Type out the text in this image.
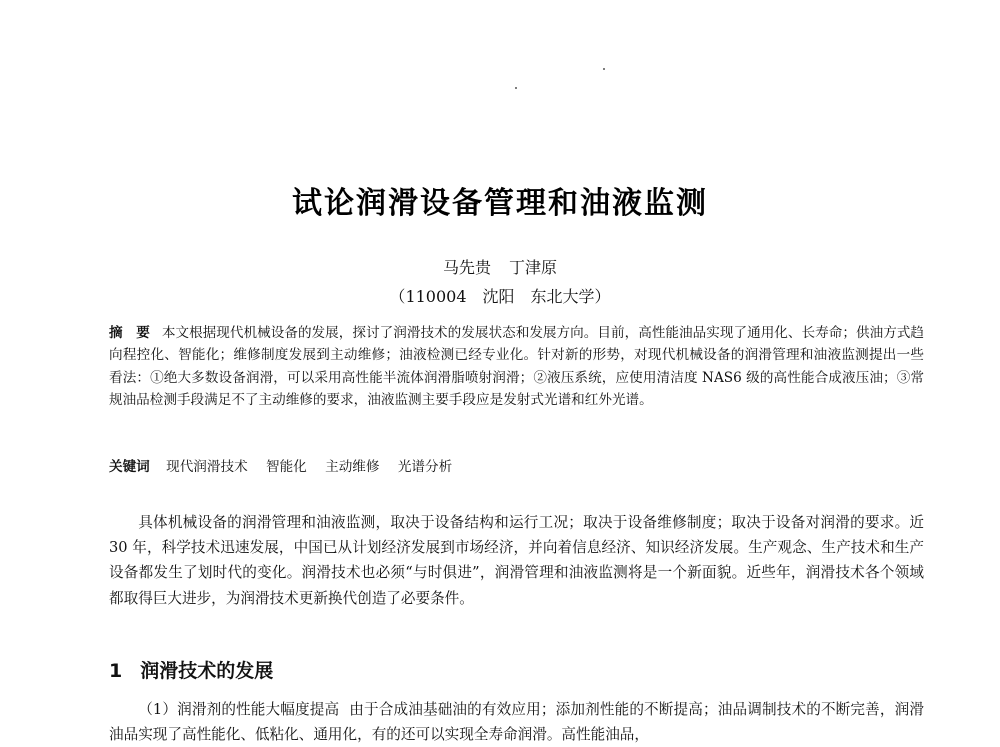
试论润滑设备管理和油液监测
马先贵 丁津原
（110004 沈阳 东北大学）
摘　要 本文根据现代机械设备的发展，探讨了润滑技术的发展状态和发展方向。目前，高性能油品实现了通用化、长寿命；供油方式趋向程控化、智能化；维修制度发展到主动维修；油液检测已经专业化。针对新的形势，对现代机械设备的润滑管理和油液监测提出一些看法：①绝大多数设备润滑，可以采用高性能半流体润滑脂喷射润滑；②液压系统，应使用清洁度 NAS6 级的高性能合成液压油；③常规油品检测手段满足不了主动维修的要求，油液监测主要手段应是发射式光谱和红外光谱。
关键词 现代润滑技术 智能化 主动维修 光谱分析

具体机械设备的润滑管理和油液监测，取决于设备结构和运行工况；取决于设备维修制度；取决于设备对润滑的要求。近 30 年，科学技术迅速发展，中国已从计划经济发展到市场经济，并向着信息经济、知识经济发展。生产观念、生产技术和生产设备都发生了划时代的变化。润滑技术也必须“与时俱进”，润滑管理和油液监测将是一个新面貌。近些年，润滑技术各个领域都取得巨大进步，为润滑技术更新换代创造了必要条件。

1 润滑技术的发展

（1）润滑剂的性能大幅度提高 由于合成油基础油的有效应用；添加剂性能的不断提高；油品调制技术的不断完善，润滑油品实现了高性能化、低粘化、通用化，有的还可以实现全寿命润滑。高性能油品，
